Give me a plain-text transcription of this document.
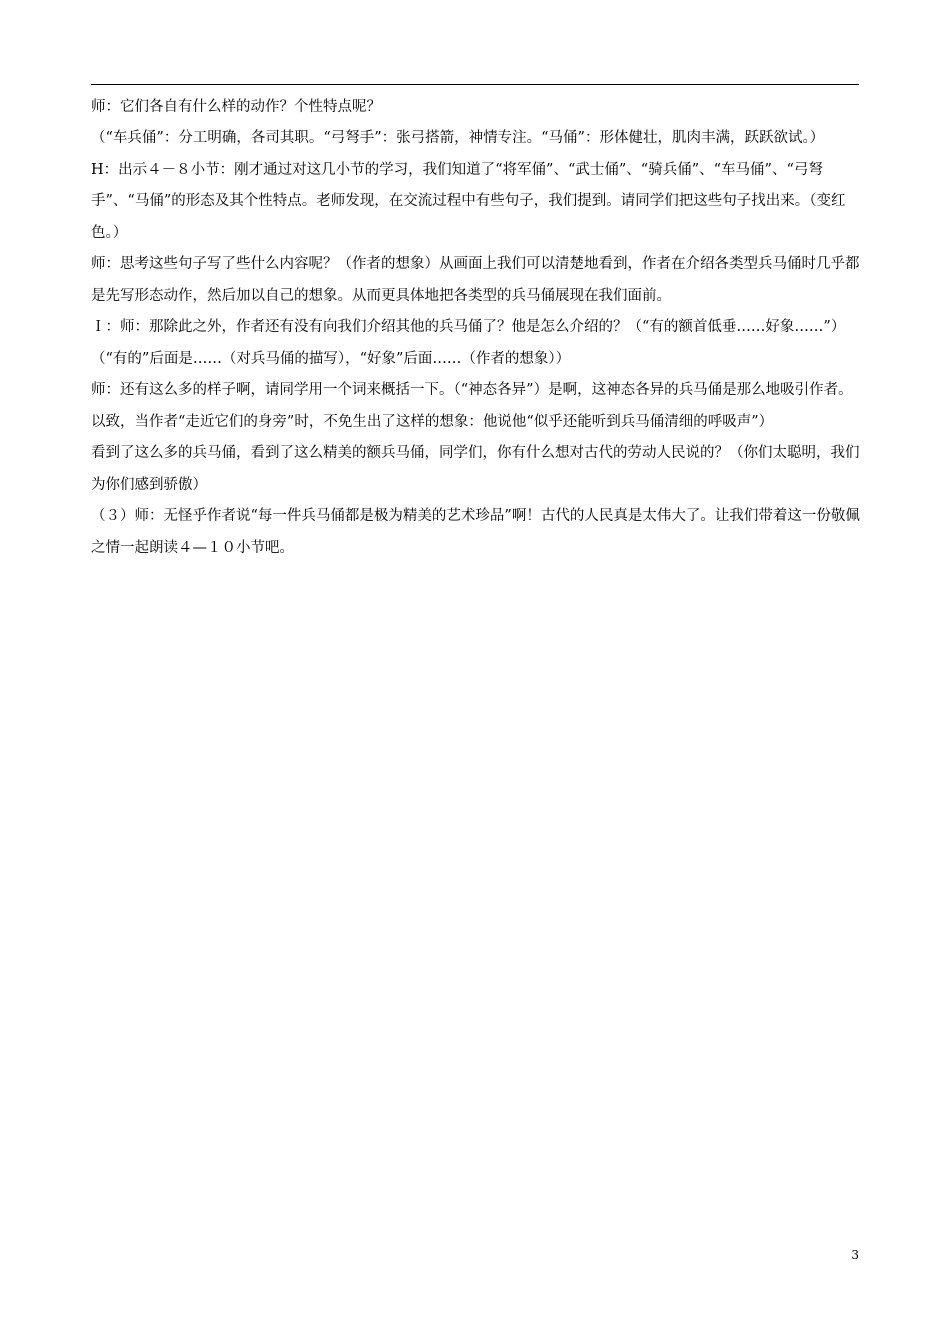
师：它们各自有什么样的动作？个性特点呢？

（“车兵俑”：分工明确，各司其职。“弓弩手”：张弓搭箭，神情专注。“马俑”：形体健壮，肌肉丰满，跃跃欲试。）

H：出示４－８小节：刚才通过对这几小节的学习，我们知道了“将军俑”、“武士俑”、“骑兵俑”、“车马俑”、“弓弩手”、“马俑”的形态及其个性特点。老师发现，在交流过程中有些句子，我们提到。请同学们把这些句子找出来。（变红色。）

师：思考这些句子写了些什么内容呢？（作者的想象）从画面上我们可以清楚地看到，作者在介绍各类型兵马俑时几乎都是先写形态动作，然后加以自己的想象。从而更具体地把各类型的兵马俑展现在我们面前。

Ｉ：师：那除此之外，作者还有没有向我们介绍其他的兵马俑了？他是怎么介绍的？（“有的额首低垂……好象……”）

（“有的”后面是……（对兵马俑的描写），“好象”后面……（作者的想象））

师：还有这么多的样子啊，请同学用一个词来概括一下。（“神态各异”）是啊，这神态各异的兵马俑是那么地吸引作者。以致，当作者“走近它们的身旁”时，不免生出了这样的想象：他说他“似乎还能听到兵马俑清细的呼吸声”）

看到了这么多的兵马俑，看到了这么精美的额兵马俑，同学们，你有什么想对古代的劳动人民说的？（你们太聪明，我们为你们感到骄傲）

（３）师：无怪乎作者说“每一件兵马俑都是极为精美的艺术珍品”啊！古代的人民真是太伟大了。让我们带着这一份敬佩之情一起朗读４—１０小节吧。

3
